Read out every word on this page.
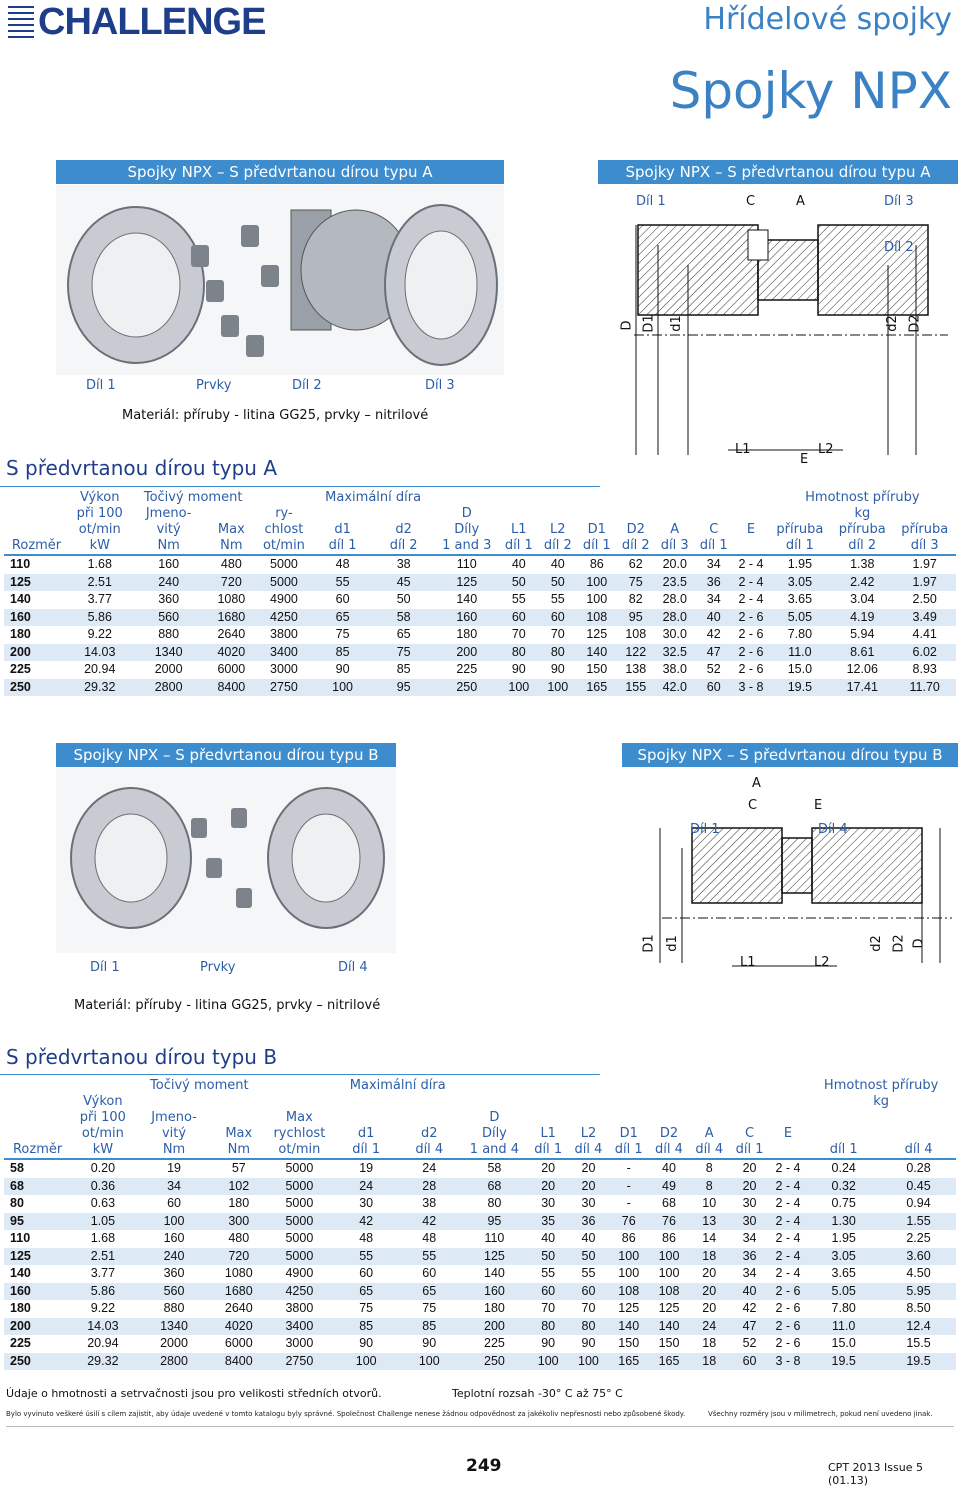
CHALLENGE	Hřídelové spojky
Spojky NPX
Spojky NPX – S předvrtanou dírou typu A
Díl 1	Prvky	Díl 2	Díl 3
Materiál: příruby - litina GG25, prvky – nitrilové
Spojky NPX – S předvrtanou dírou typu A
Díl 1	C	A	Díl 3
Díl 2
D D1 d1	d2 D2
L1
E
L2
S předvrtanou dírou typu A
	Výkon	Točivý moment			Maximální díra										Hmotnost příruby		
	při 100	Jmeno-		ry-			D								kg		
	ot/min	vitý	Max	chlost	d1	d2	Díly	L1	L2	D1	D2	A	C	E	příruba	příruba	příruba
Rozměr	kW	Nm	Nm	ot/min	díl 1	díl 2	1 and 3	díl 1	díl 2	díl 1	díl 2	díl 3	díl 1		díl 1	díl 2	díl 3
110	1.68	160	480	5000	48	38	110	40	40	86	62	20.0	34	2 - 4	1.95	1.38	1.97
125	2.51	240	720	5000	55	45	125	50	50	100	75	23.5	36	2 - 4	3.05	2.42	1.97
140	3.77	360	1080	4900	60	50	140	55	55	100	82	28.0	34	2 - 4	3.65	3.04	2.50
160	5.86	560	1680	4250	65	58	160	60	60	108	95	28.0	40	2 - 6	5.05	4.19	3.49
180	9.22	880	2640	3800	75	65	180	70	70	125	108	30.0	42	2 - 6	7.80	5.94	4.41
200	14.03	1340	4020	3400	85	75	200	80	80	140	122	32.5	47	2 - 6	11.0	8.61	6.02
225	20.94	2000	6000	3000	90	85	225	90	90	150	138	38.0	52	2 - 6	15.0	12.06	8.93
250	29.32	2800	8400	2750	100	95	250	100	100	165	155	42.0	60	3 - 8	19.5	17.41	11.70
Spojky NPX – S předvrtanou dírou typu B
Díl 1	Prvky	Díl 4
Materiál: příruby - litina GG25, prvky – nitrilové
Spojky NPX – S předvrtanou dírou typu B
A
C	E
Díl 1	Díl 4
D1 d1
L1	L2
d2 D2 D
S předvrtanou dírou typu B
		Točivý moment			Maximální díra										Hmotnost příruby	
	Výkon														kg	
	při 100	Jmeno-		Max			D									
	ot/min	vitý	Max	rychlost	d1	d2	Díly	L1	L2	D1	D2	A	C	E		
Rozměr	kW	Nm	Nm	ot/min	díl 1	díl 4	1 and 4	díl 1	díl 4	díl 1	díl 4	díl 4	díl 1		díl 1	díl 4
58	0.20	19	57	5000	19	24	58	20	20	-	40	8	20	2 - 4	0.24	0.28
68	0.36	34	102	5000	24	28	68	20	20	-	49	8	20	2 - 4	0.32	0.45
80	0.63	60	180	5000	30	38	80	30	30	-	68	10	30	2 - 4	0.75	0.94
95	1.05	100	300	5000	42	42	95	35	36	76	76	13	30	2 - 4	1.30	1.55
110	1.68	160	480	5000	48	48	110	40	40	86	86	14	34	2 - 4	1.95	2.25
125	2.51	240	720	5000	55	55	125	50	50	100	100	18	36	2 - 4	3.05	3.60
140	3.77	360	1080	4900	60	60	140	55	55	100	100	20	34	2 - 4	3.65	4.50
160	5.86	560	1680	4250	65	65	160	60	60	108	108	20	40	2 - 6	5.05	5.95
180	9.22	880	2640	3800	75	75	180	70	70	125	125	20	42	2 - 6	7.80	8.50
200	14.03	1340	4020	3400	85	85	200	80	80	140	140	24	47	2 - 6	11.0	12.4
225	20.94	2000	6000	3000	90	90	225	90	90	150	150	18	52	2 - 6	15.0	15.5
250	29.32	2800	8400	2750	100	100	250	100	100	165	165	18	60	3 - 8	19.5	19.5
Údaje o hmotnosti a setrvačnosti jsou pro velikosti středních otvorů.	Teplotní rozsah -30° C až 75° C
Bylo vyvinuto veškeré úsilí s cílem zajistit, aby údaje uvedené v tomto katalogu byly správné. Společnost Challenge nenese žádnou odpovědnost za jakékoliv nepřesnosti nebo způsobené škody.	Všechny rozměry jsou v milimetrech, pokud není uvedeno jinak.
249	CPT 2013 Issue 5 (01.13)
